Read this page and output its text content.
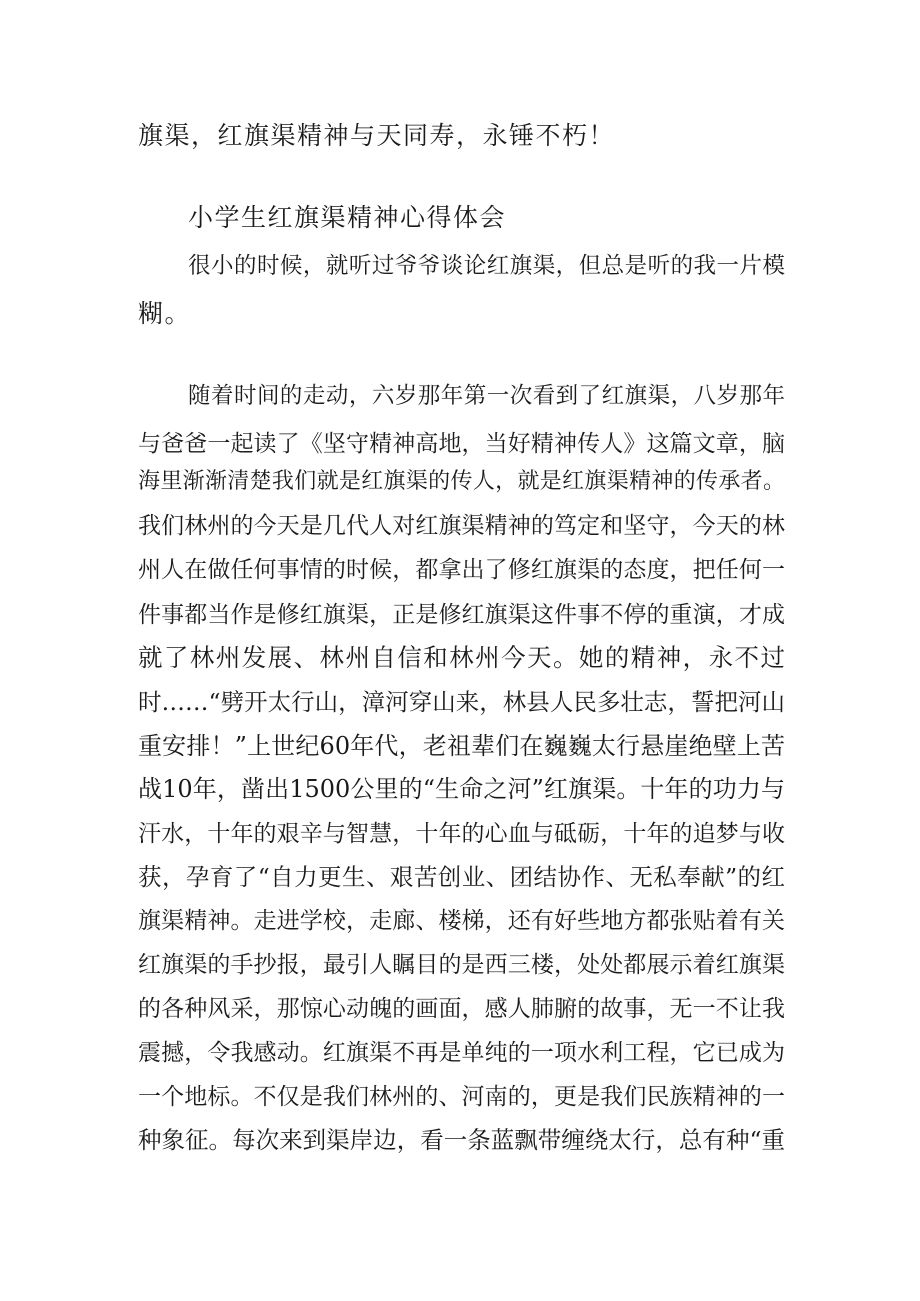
旗渠，红旗渠精神与天同寿，永锤不朽！
小学生红旗渠精神心得体会
很小的时候，就听过爷爷谈论红旗渠，但总是听的我一片模
糊。
随着时间的走动，六岁那年第一次看到了红旗渠，八岁那年
与爸爸一起读了《坚守精神高地，当好精神传人》这篇文章，脑
海里渐渐清楚我们就是红旗渠的传人，就是红旗渠精神的传承者。
我们林州的今天是几代人对红旗渠精神的笃定和坚守，今天的林
州人在做任何事情的时候，都拿出了修红旗渠的态度，把任何一
件事都当作是修红旗渠，正是修红旗渠这件事不停的重演，才成
就了林州发展、林州自信和林州今天。她的精神，永不过
时……“劈开太行山，漳河穿山来，林县人民多壮志，誓把河山
重安排！”上世纪60年代，老祖辈们在巍巍太行悬崖绝壁上苦
战10年，凿出1500公里的“生命之河”红旗渠。十年的功力与
汗水，十年的艰辛与智慧，十年的心血与砥砺，十年的追梦与收
获，孕育了“自力更生、艰苦创业、团结协作、无私奉献”的红
旗渠精神。走进学校，走廊、楼梯，还有好些地方都张贴着有关
红旗渠的手抄报，最引人瞩目的是西三楼，处处都展示着红旗渠
的各种风采，那惊心动魄的画面，感人肺腑的故事，无一不让我
震撼，令我感动。红旗渠不再是单纯的一项水利工程，它已成为
一个地标。不仅是我们林州的、河南的，更是我们民族精神的一
种象征。每次来到渠岸边，看一条蓝飘带缠绕太行，总有种“重
